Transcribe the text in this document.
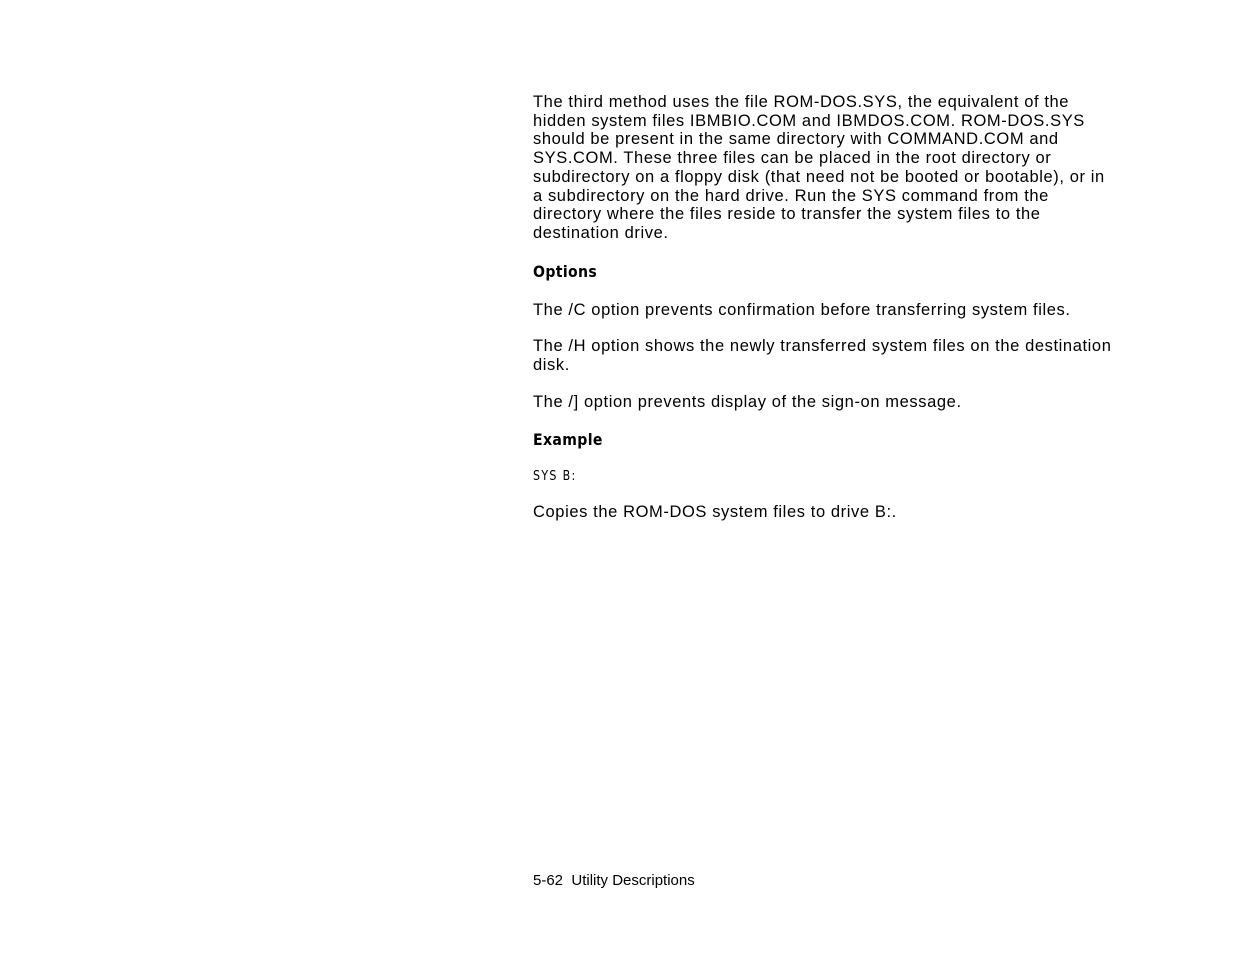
The third method uses the file ROM-DOS.SYS, the equivalent of the
hidden system files IBMBIO.COM and IBMDOS.COM. ROM-DOS.SYS
should be present in the same directory with COMMAND.COM and
SYS.COM. These three files can be placed in the root directory or
subdirectory on a floppy disk (that need not be booted or bootable), or in
a subdirectory on the hard drive. Run the SYS command from the
directory where the files reside to transfer the system files to the
destination drive.

Options

The /C option prevents confirmation before transferring system files.

The /H option shows the newly transferred system files on the destination
disk.

The /] option prevents display of the sign-on message.

Example

SYS B:

Copies the ROM-DOS system files to drive B:.

5-62  Utility Descriptions
